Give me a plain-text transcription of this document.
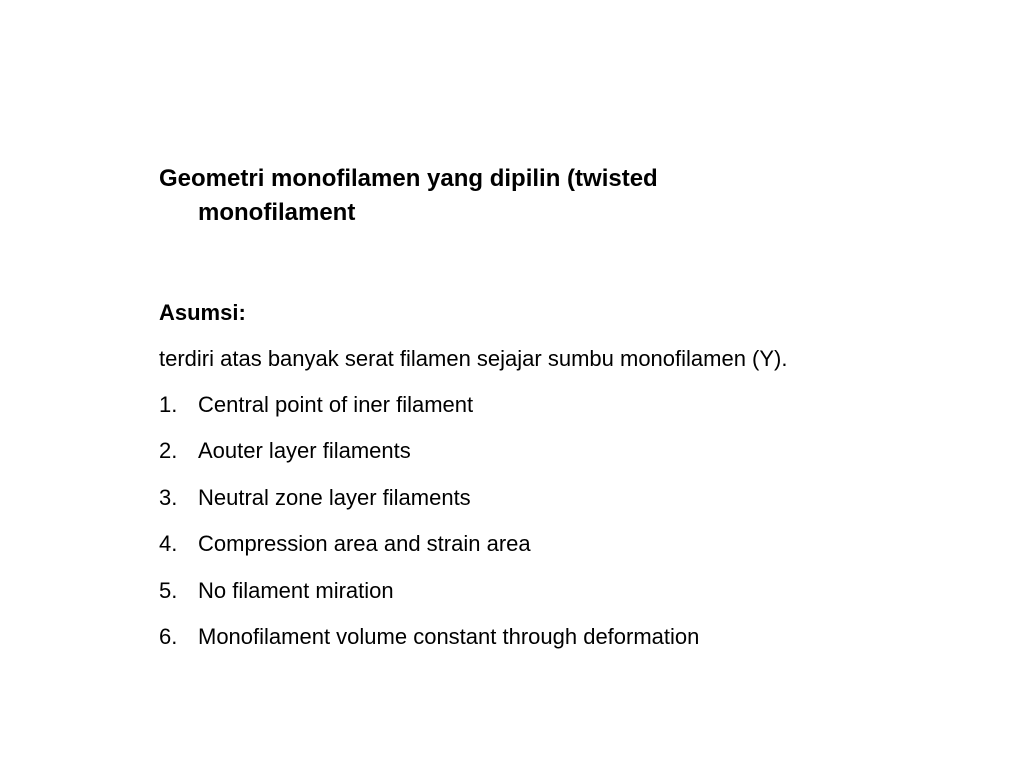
Geometri monofilamen yang dipilin (twisted
monofilament
Asumsi:
terdiri atas banyak serat filamen sejajar sumbu monofilamen (Y).
1. Central point of iner filament
2. Aouter layer filaments
3. Neutral zone layer filaments
4. Compression area and strain area
5. No filament miration
6. Monofilament volume constant through deformation
